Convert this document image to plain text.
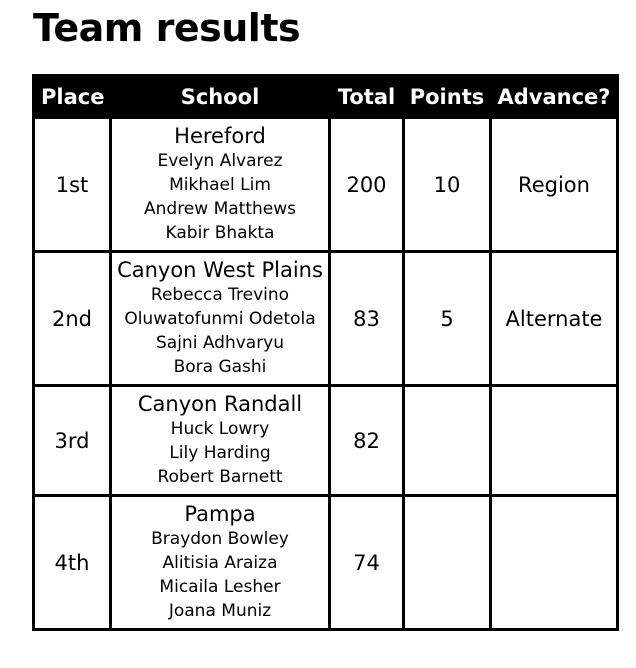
Team results
Place	School	Total	Points	Advance?
1st	Hereford
Evelyn Alvarez
Mikhael Lim
Andrew Matthews
Kabir Bhakta	200	10	Region
2nd	Canyon West Plains
Rebecca Trevino
Oluwatofunmi Odetola
Sajni Adhvaryu
Bora Gashi	83	5	Alternate
3rd	Canyon Randall
Huck Lowry
Lily Harding
Robert Barnett	82		
4th	Pampa
Braydon Bowley
Alitisia Araiza
Micaila Lesher
Joana Muniz	74		
